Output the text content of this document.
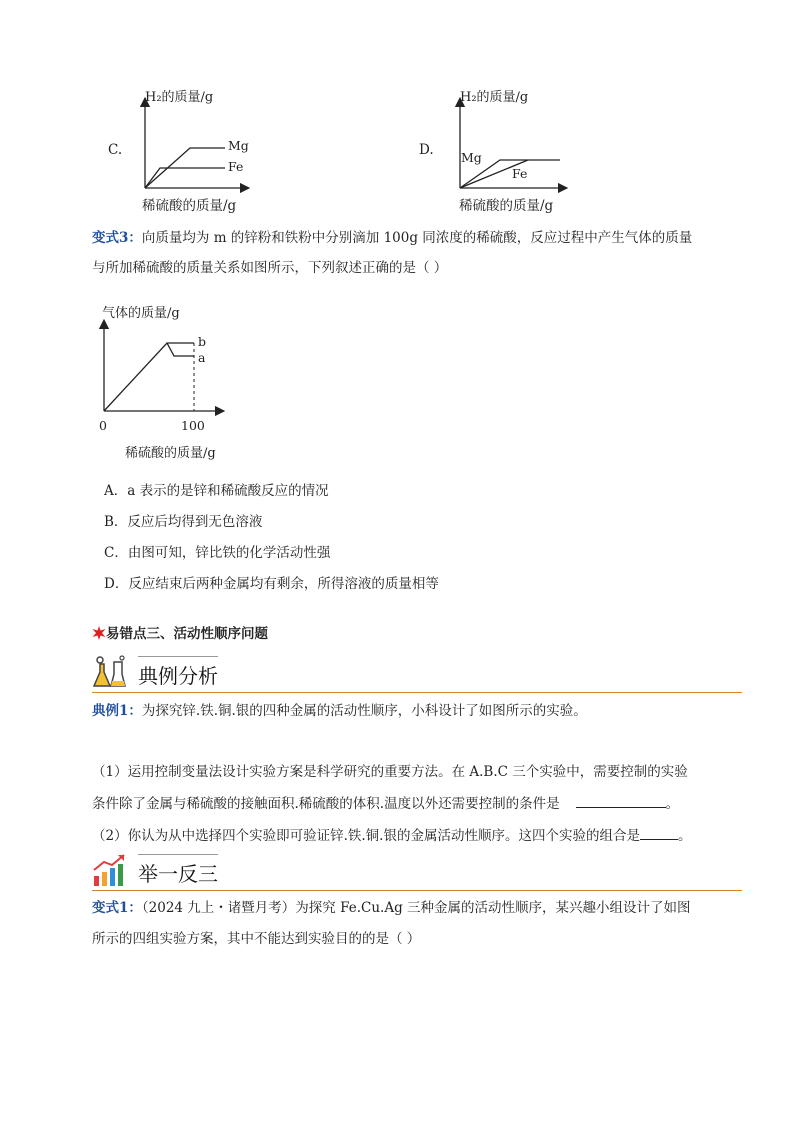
C.
H₂的质量/g
稀硫酸的质量/g
Mg
Fe
D.
H₂的质量/g
稀硫酸的质量/g
Mg
Fe
变式3：向质量均为 m 的锌粉和铁粉中分别滴加 100g 同浓度的稀硫酸，反应过程中产生气体的质量
与所加稀硫酸的质量关系如图所示，下列叙述正确的是（ ）
气体的质量/g
b
a
0	100
稀硫酸的质量/g
A．a 表示的是锌和稀硫酸反应的情况
B．反应后均得到无色溶液
C．由图可知，锌比铁的化学活动性强
D．反应结束后两种金属均有剩余，所得溶液的质量相等
易错点三、活动性顺序问题
典例分析
典例1：为探究锌.铁.铜.银的四种金属的活动性顺序，小科设计了如图所示的实验。
（1）运用控制变量法设计实验方案是科学研究的重要方法。在 A.B.C 三个实验中，需要控制的实验
条件除了金属与稀硫酸的接触面积.稀硫酸的体积.温度以外还需要控制的条件是	。
（2）你认为从中选择四个实验即可验证锌.铁.铜.银的金属活动性顺序。这四个实验的组合是	。
举一反三
变式1：（2024 九上・诸暨月考）为探究 Fe.Cu.Ag 三种金属的活动性顺序，某兴趣小组设计了如图
所示的四组实验方案，其中不能达到实验目的的是（ ）
